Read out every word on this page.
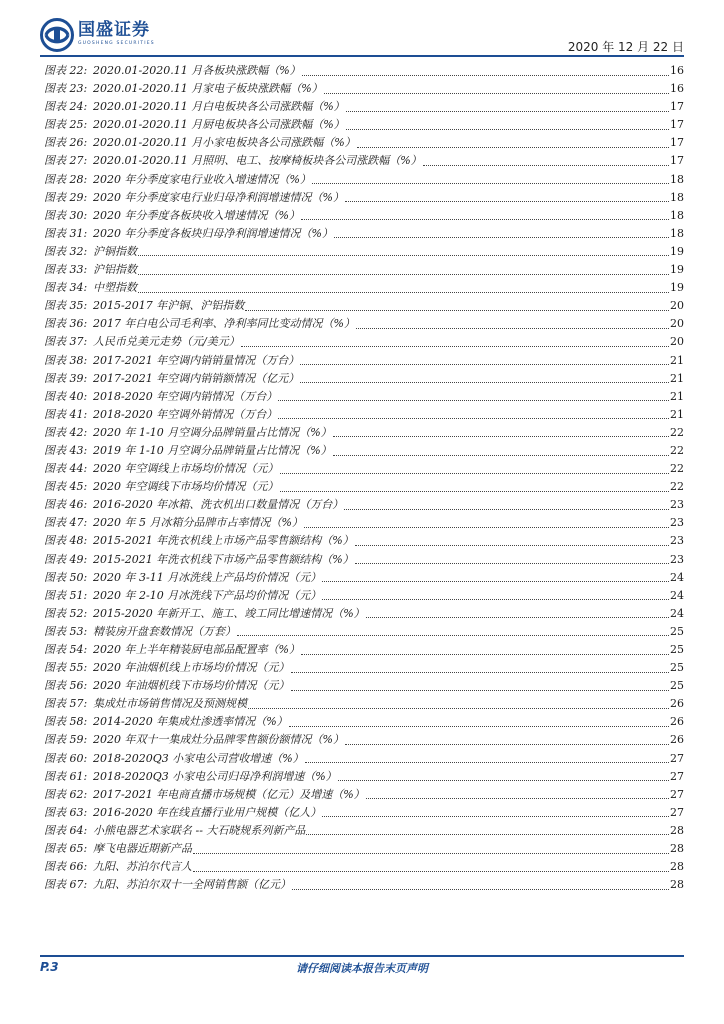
国盛证券
GUOSHENG SECURITIES	2020 年 12 月 22 日
图表 22: 2020.01-2020.11 月各板块涨跌幅（%）	16
图表 23: 2020.01-2020.11 月家电子板块涨跌幅（%）	16
图表 24: 2020.01-2020.11 月白电板块各公司涨跌幅（%）	17
图表 25: 2020.01-2020.11 月厨电板块各公司涨跌幅（%）	17
图表 26: 2020.01-2020.11 月小家电板块各公司涨跌幅（%）	17
图表 27: 2020.01-2020.11 月照明、电工、按摩椅板块各公司涨跌幅（%）	17
图表 28: 2020 年分季度家电行业收入增速情况（%）	18
图表 29: 2020 年分季度家电行业归母净利润增速情况（%）	18
图表 30: 2020 年分季度各板块收入增速情况（%）	18
图表 31: 2020 年分季度各板块归母净利润增速情况（%）	18
图表 32: 沪铜指数	19
图表 33: 沪铝指数	19
图表 34: 中塑指数	19
图表 35: 2015-2017 年沪铜、沪铝指数	20
图表 36: 2017 年白电公司毛利率、净利率同比变动情况（%）	20
图表 37: 人民币兑美元走势（元/美元）	20
图表 38: 2017-2021 年空调内销销量情况（万台）	21
图表 39: 2017-2021 年空调内销销额情况（亿元）	21
图表 40: 2018-2020 年空调内销情况（万台）	21
图表 41: 2018-2020 年空调外销情况（万台）	21
图表 42: 2020 年 1-10 月空调分品牌销量占比情况（%）	22
图表 43: 2019 年 1-10 月空调分品牌销量占比情况（%）	22
图表 44: 2020 年空调线上市场均价情况（元）	22
图表 45: 2020 年空调线下市场均价情况（元）	22
图表 46: 2016-2020 年冰箱、洗衣机出口数量情况（万台）	23
图表 47: 2020 年 5 月冰箱分品牌市占率情况（%）	23
图表 48: 2015-2021 年洗衣机线上市场产品零售额结构（%）	23
图表 49: 2015-2021 年洗衣机线下市场产品零售额结构（%）	23
图表 50: 2020 年 3-11 月冰洗线上产品均价情况（元）	24
图表 51: 2020 年 2-10 月冰洗线下产品均价情况（元）	24
图表 52: 2015-2020 年新开工、施工、竣工同比增速情况（%）	24
图表 53: 精装房开盘套数情况（万套）	25
图表 54: 2020 年上半年精装厨电部品配置率（%）	25
图表 55: 2020 年油烟机线上市场均价情况（元）	25
图表 56: 2020 年油烟机线下市场均价情况（元）	25
图表 57: 集成灶市场销售情况及预测规模	26
图表 58: 2014-2020 年集成灶渗透率情况（%）	26
图表 59: 2020 年双十一集成灶分品牌零售额份额情况（%）	26
图表 60: 2018-2020Q3 小家电公司营收增速（%）	27
图表 61: 2018-2020Q3 小家电公司归母净利润增速（%）	27
图表 62: 2017-2021 年电商直播市场规模（亿元）及增速（%）	27
图表 63: 2016-2020 年在线直播行业用户规模（亿人）	27
图表 64: 小熊电器艺术家联名 -- 大石晓规系列新产品	28
图表 65: 摩飞电器近期新产品	28
图表 66: 九阳、苏泊尔代言人	28
图表 67: 九阳、苏泊尔双十一全网销售额（亿元）	28
P.3	请仔细阅读本报告末页声明
